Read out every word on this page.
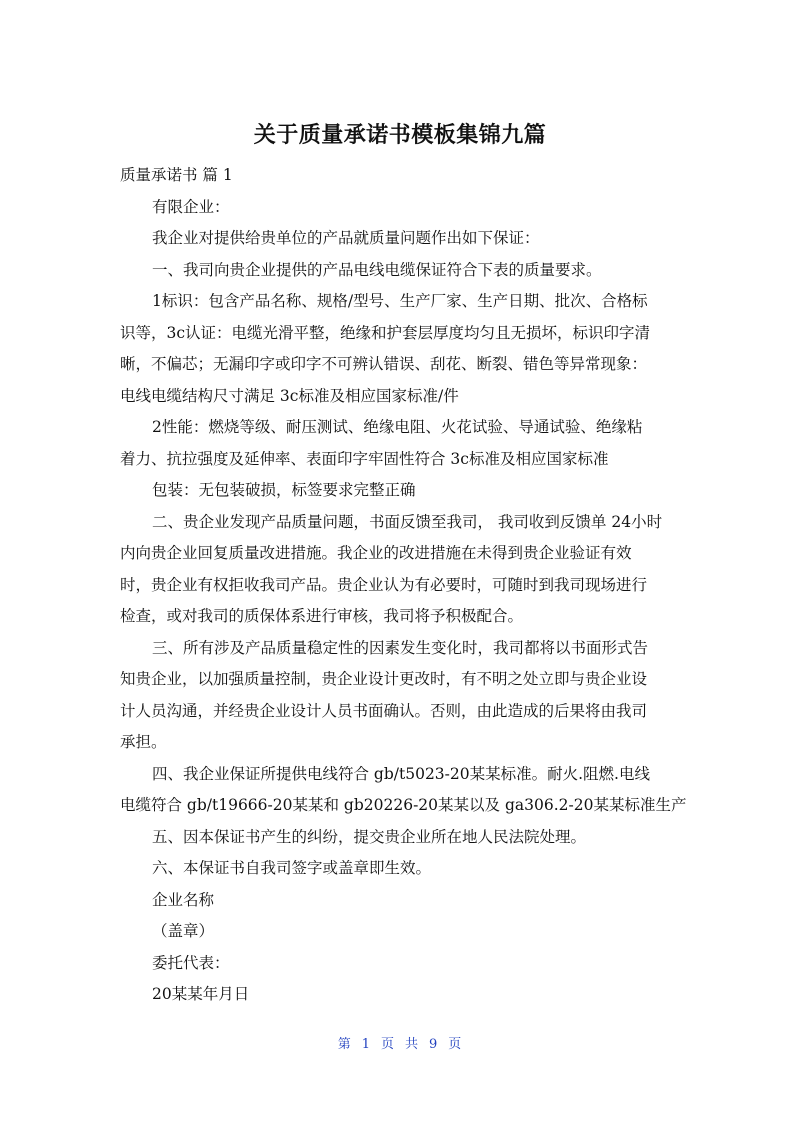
关于质量承诺书模板集锦九篇

质量承诺书 篇 1

有限企业：

我企业对提供给贵单位的产品就质量问题作出如下保证：

一、我司向贵企业提供的产品电线电缆保证符合下表的质量要求。

1标识：包含产品名称、规格/型号、生产厂家、生产日期、批次、合格标

识等，3c认证：电缆光滑平整，绝缘和护套层厚度均匀且无损坏，标识印字清

晰，不偏芯；无漏印字或印字不可辨认错误、刮花、断裂、错色等异常现象：

电线电缆结构尺寸满足 3c标准及相应国家标准/件

2性能：燃烧等级、耐压测试、绝缘电阻、火花试验、导通试验、绝缘粘

着力、抗拉强度及延伸率、表面印字牢固性符合 3c标准及相应国家标准

包装：无包装破损，标签要求完整正确

二、贵企业发现产品质量问题，书面反馈至我司， 我司收到反馈单 24小时

内向贵企业回复质量改进措施。我企业的改进措施在未得到贵企业验证有效

时，贵企业有权拒收我司产品。贵企业认为有必要时，可随时到我司现场进行

检查，或对我司的质保体系进行审核，我司将予积极配合。

三、所有涉及产品质量稳定性的因素发生变化时，我司都将以书面形式告

知贵企业，以加强质量控制，贵企业设计更改时，有不明之处立即与贵企业设

计人员沟通，并经贵企业设计人员书面确认。否则，由此造成的后果将由我司

承担。

四、我企业保证所提供电线符合 gb/t5023-20某某标准。耐火.阻燃.电线

电缆符合 gb/t19666-20某某和 gb20226-20某某以及 ga306.2-20某某标准生产

五、因本保证书产生的纠纷，提交贵企业所在地人民法院处理。

六、本保证书自我司签字或盖章即生效。

企业名称

（盖章）

委托代表：

20某某年月日

第 1 页 共 9 页
